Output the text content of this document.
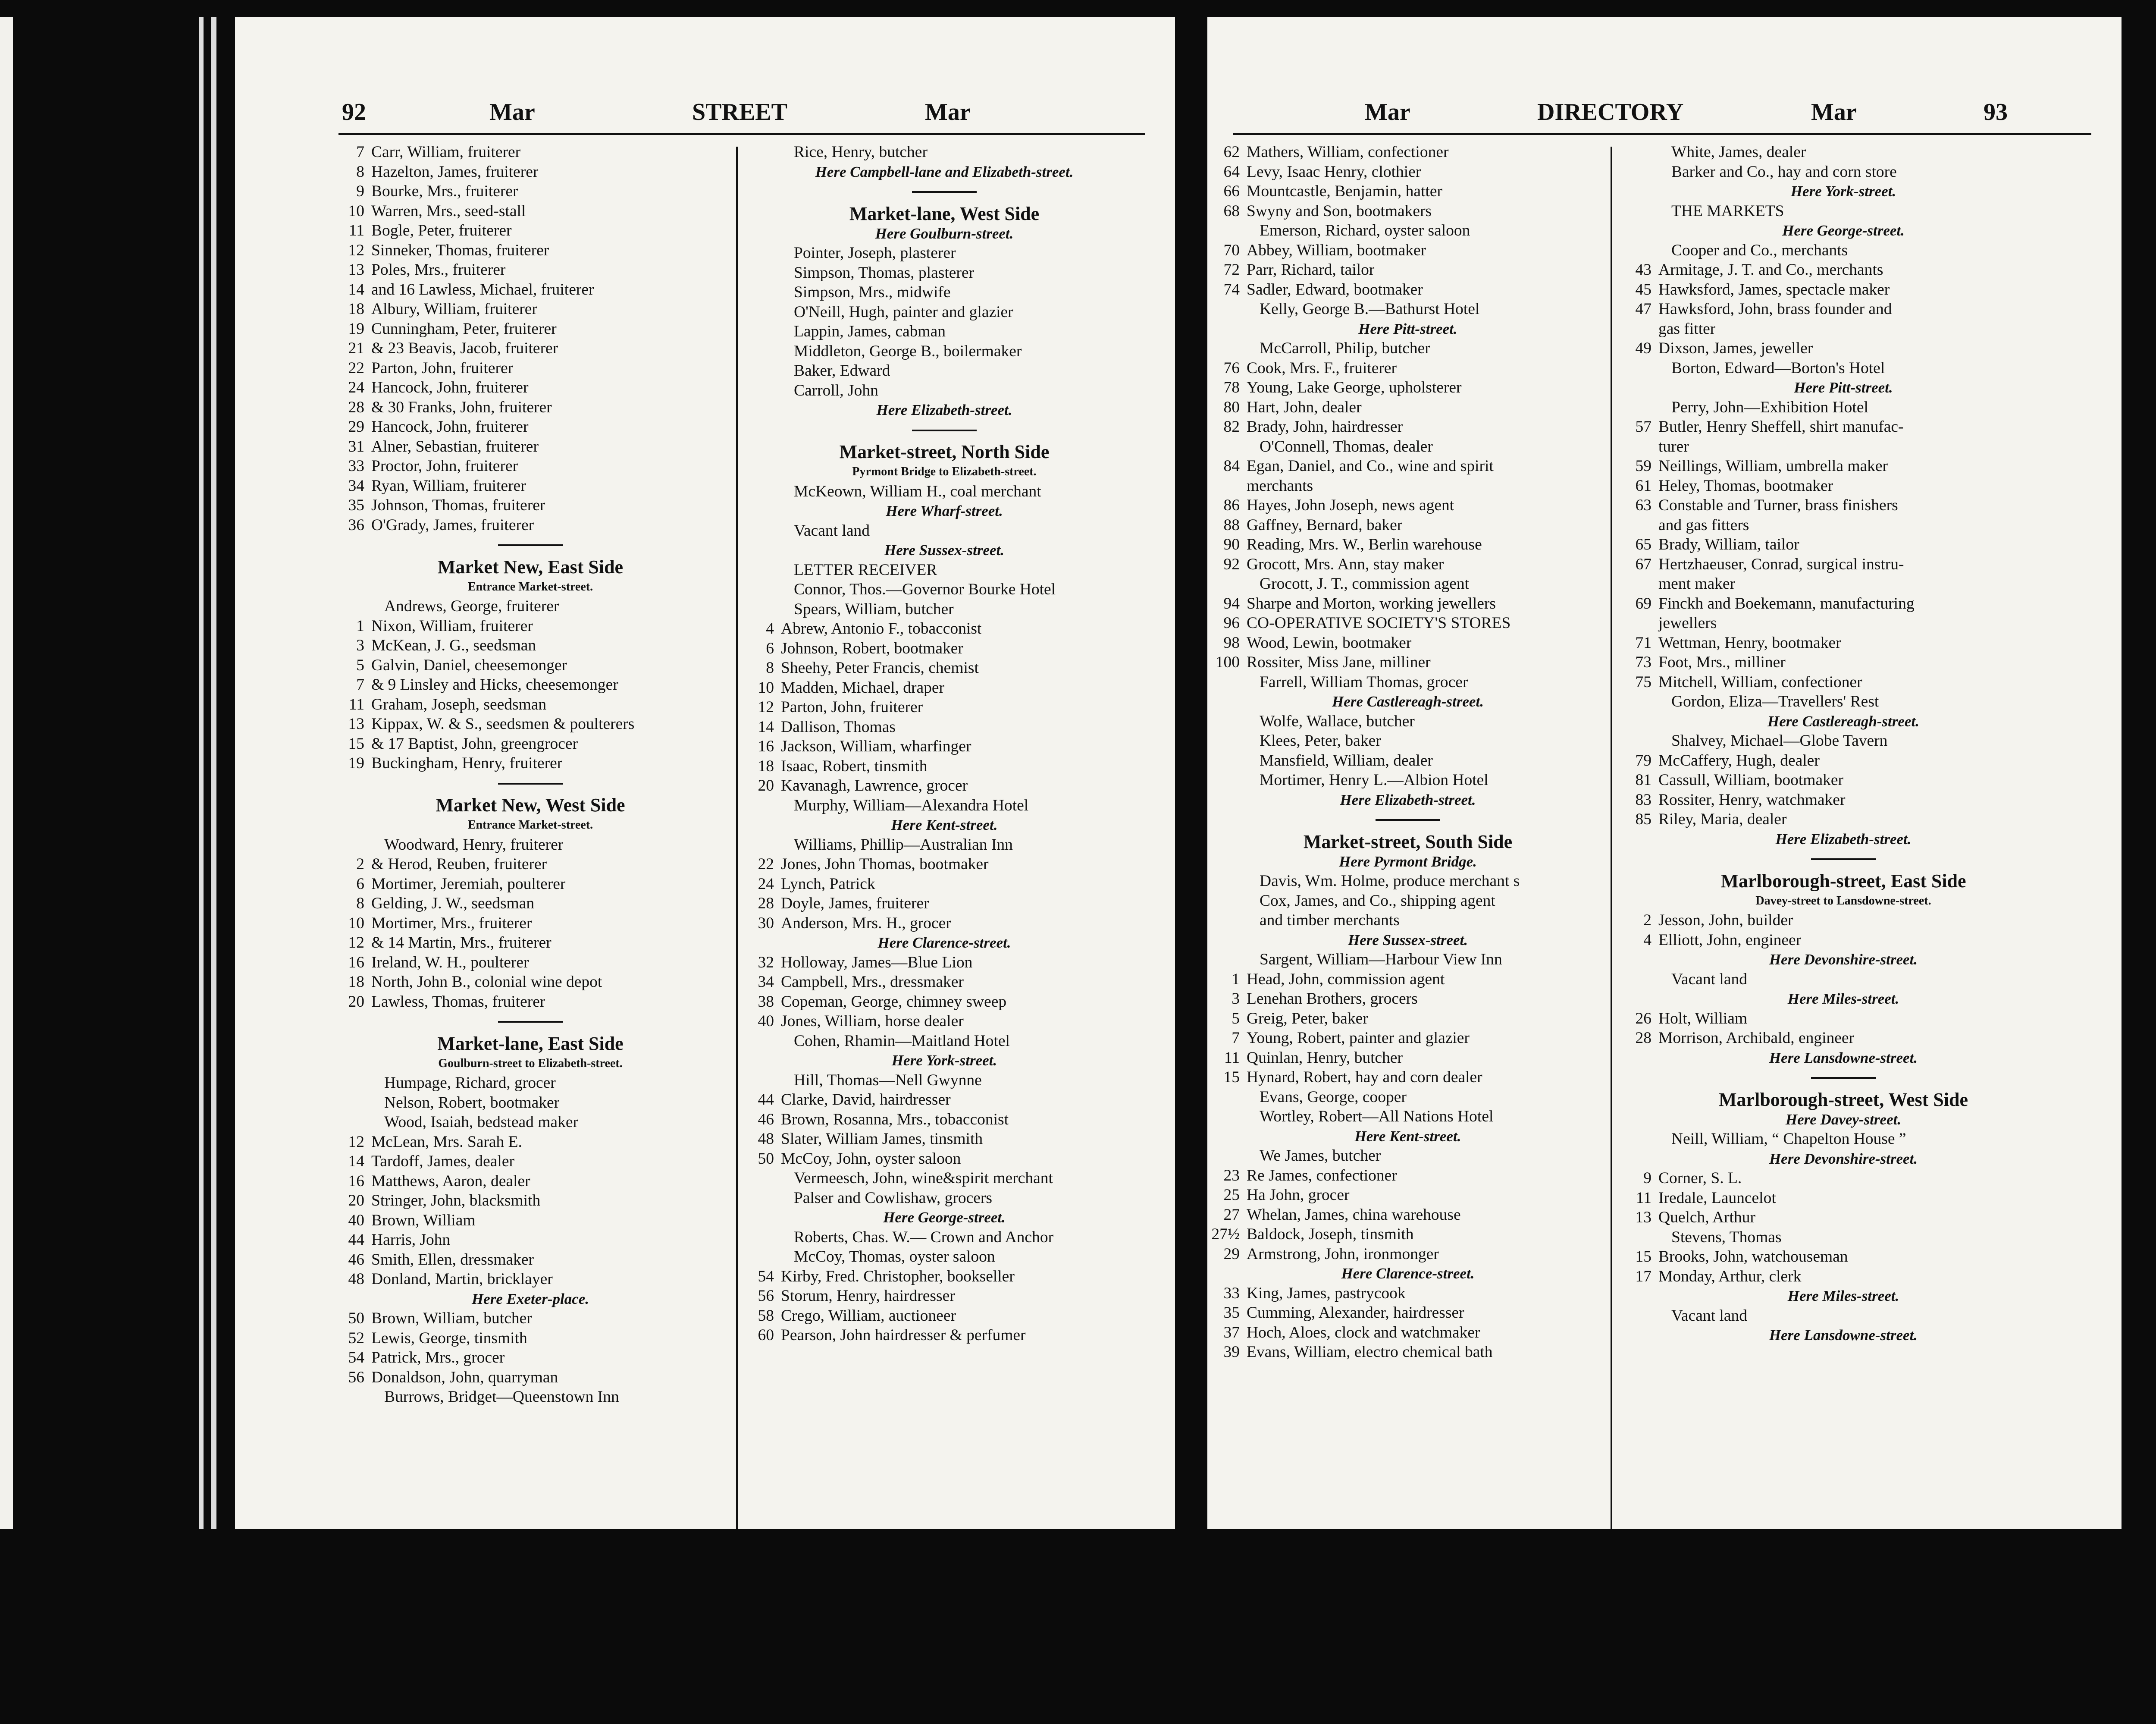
92	Mar	STREET	Mar
7 Carr, William, fruiterer
8 Hazelton, James, fruiterer
9 Bourke, Mrs., fruiterer
10 Warren, Mrs., seed-stall
11 Bogle, Peter, fruiterer
12 Sinneker, Thomas, fruiterer
13 Poles, Mrs., fruiterer
14 and 16 Lawless, Michael, fruiterer
18 Albury, William, fruiterer
19 Cunningham, Peter, fruiterer
21 & 23 Beavis, Jacob, fruiterer
22 Parton, John, fruiterer
24 Hancock, John, fruiterer
28 & 30 Franks, John, fruiterer
29 Hancock, John, fruiterer
31 Alner, Sebastian, fruiterer
33 Proctor, John, fruiterer
34 Ryan, William, fruiterer
35 Johnson, Thomas, fruiterer
36 O'Grady, James, fruiterer
Market New, East Side
Entrance Market-street.
Andrews, George, fruiterer
1 Nixon, William, fruiterer
3 McKean, J. G., seedsman
5 Galvin, Daniel, cheesemonger
7 & 9 Linsley and Hicks, cheesemonger
11 Graham, Joseph, seedsman
13 Kippax, W. & S., seedsmen & poulterers
15 & 17 Baptist, John, greengrocer
19 Buckingham, Henry, fruiterer
Market New, West Side
Entrance Market-street.
Woodward, Henry, fruiterer
2 & Herod, Reuben, fruiterer
6 Mortimer, Jeremiah, poulterer
8 Gelding, J. W., seedsman
10 Mortimer, Mrs., fruiterer
12 & 14 Martin, Mrs., fruiterer
16 Ireland, W. H., poulterer
18 North, John B., colonial wine depot
20 Lawless, Thomas, fruiterer
Market-lane, East Side
Goulburn-street to Elizabeth-street.
Humpage, Richard, grocer
Nelson, Robert, bootmaker
Wood, Isaiah, bedstead maker
12 McLean, Mrs. Sarah E.
14 Tardoff, James, dealer
16 Matthews, Aaron, dealer
20 Stringer, John, blacksmith
40 Brown, William
44 Harris, John
46 Smith, Ellen, dressmaker
48 Donland, Martin, bricklayer
Here Exeter-place.
50 Brown, William, butcher
52 Lewis, George, tinsmith
54 Patrick, Mrs., grocer
56 Donaldson, John, quarryman
Burrows, Bridget—Queenstown Inn
Rice, Henry, butcher
Here Campbell-lane and Elizabeth-street.
Market-lane, West Side
Here Goulburn-street.
Pointer, Joseph, plasterer
Simpson, Thomas, plasterer
Simpson, Mrs., midwife
O'Neill, Hugh, painter and glazier
Lappin, James, cabman
Middleton, George B., boilermaker
Baker, Edward
Carroll, John
Here Elizabeth-street.
Market-street, North Side
Pyrmont Bridge to Elizabeth-street.
McKeown, William H., coal merchant
Here Wharf-street.
Vacant land
Here Sussex-street.
LETTER RECEIVER
Connor, Thos.—Governor Bourke Hotel
Spears, William, butcher
4 Abrew, Antonio F., tobacconist
6 Johnson, Robert, bootmaker
8 Sheehy, Peter Francis, chemist
10 Madden, Michael, draper
12 Parton, John, fruiterer
14 Dallison, Thomas
16 Jackson, William, wharfinger
18 Isaac, Robert, tinsmith
20 Kavanagh, Lawrence, grocer
Murphy, William—Alexandra Hotel
Here Kent-street.
Williams, Phillip—Australian Inn
22 Jones, John Thomas, bootmaker
24 Lynch, Patrick
28 Doyle, James, fruiterer
30 Anderson, Mrs. H., grocer
Here Clarence-street.
32 Holloway, James—Blue Lion
34 Campbell, Mrs., dressmaker
38 Copeman, George, chimney sweep
40 Jones, William, horse dealer
Cohen, Rhamin—Maitland Hotel
Here York-street.
Hill, Thomas—Nell Gwynne
44 Clarke, David, hairdresser
46 Brown, Rosanna, Mrs., tobacconist
48 Slater, William James, tinsmith
50 McCoy, John, oyster saloon
Vermeesch, John, wine&spirit merchant
Palser and Cowlishaw, grocers
Here George-street.
Roberts, Chas. W.— Crown and Anchor
McCoy, Thomas, oyster saloon
54 Kirby, Fred. Christopher, bookseller
56 Storum, Henry, hairdresser
58 Crego, William, auctioneer
60 Pearson, John hairdresser & perfumer
Mar	DIRECTORY	Mar	93
62 Mathers, William, confectioner
64 Levy, Isaac Henry, clothier
66 Mountcastle, Benjamin, hatter
68 Swyny and Son, bootmakers
Emerson, Richard, oyster saloon
70 Abbey, William, bootmaker
72 Parr, Richard, tailor
74 Sadler, Edward, bootmaker
Kelly, George B.—Bathurst Hotel
Here Pitt-street.
McCarroll, Philip, butcher
76 Cook, Mrs. F., fruiterer
78 Young, Lake George, upholsterer
80 Hart, John, dealer
82 Brady, John, hairdresser
O'Connell, Thomas, dealer
84 Egan, Daniel, and Co., wine and spirit
merchants
86 Hayes, John Joseph, news agent
88 Gaffney, Bernard, baker
90 Reading, Mrs. W., Berlin warehouse
92 Grocott, Mrs. Ann, stay maker
Grocott, J. T., commission agent
94 Sharpe and Morton, working jewellers
96 CO-OPERATIVE SOCIETY'S STORES
98 Wood, Lewin, bootmaker
100 Rossiter, Miss Jane, milliner
Farrell, William Thomas, grocer
Here Castlereagh-street.
Wolfe, Wallace, butcher
Klees, Peter, baker
Mansfield, William, dealer
Mortimer, Henry L.—Albion Hotel
Here Elizabeth-street.
Market-street, South Side
Here Pyrmont Bridge.
Davis, Wm. Holme, produce merchant s
Cox, James, and Co., shipping agent
and timber merchants
Here Sussex-street.
Sargent, William—Harbour View Inn
1 Head, John, commission agent
3 Lenehan Brothers, grocers
5 Greig, Peter, baker
7 Young, Robert, painter and glazier
11 Quinlan, Henry, butcher
15 Hynard, Robert, hay and corn dealer
Evans, George, cooper
Wortley, Robert—All Nations Hotel
Here Kent-street.
We James, butcher
23 Re James, confectioner
25 Ha John, grocer
27 Whelan, James, china warehouse
27½ Baldock, Joseph, tinsmith
29 Armstrong, John, ironmonger
Here Clarence-street.
33 King, James, pastrycook
35 Cumming, Alexander, hairdresser
37 Hoch, Aloes, clock and watchmaker
39 Evans, William, electro chemical bath
White, James, dealer
Barker and Co., hay and corn store
Here York-street.
THE MARKETS
Here George-street.
Cooper and Co., merchants
43 Armitage, J. T. and Co., merchants
45 Hawksford, James, spectacle maker
47 Hawksford, John, brass founder and
gas fitter
49 Dixson, James, jeweller
Borton, Edward—Borton's Hotel
Here Pitt-street.
Perry, John—Exhibition Hotel
57 Butler, Henry Sheffell, shirt manufac-
turer
59 Neillings, William, umbrella maker
61 Heley, Thomas, bootmaker
63 Constable and Turner, brass finishers
and gas fitters
65 Brady, William, tailor
67 Hertzhaeuser, Conrad, surgical instru-
ment maker
69 Finckh and Boekemann, manufacturing
jewellers
71 Wettman, Henry, bootmaker
73 Foot, Mrs., milliner
75 Mitchell, William, confectioner
Gordon, Eliza—Travellers' Rest
Here Castlereagh-street.
Shalvey, Michael—Globe Tavern
79 McCaffery, Hugh, dealer
81 Cassull, William, bootmaker
83 Rossiter, Henry, watchmaker
85 Riley, Maria, dealer
Here Elizabeth-street.
Marlborough-street, East Side
Davey-street to Lansdowne-street.
2 Jesson, John, builder
4 Elliott, John, engineer
Here Devonshire-street.
Vacant land
Here Miles-street.
26 Holt, William
28 Morrison, Archibald, engineer
Here Lansdowne-street.
Marlborough-street, West Side
Here Davey-street.
Neill, William, “ Chapelton House ”
Here Devonshire-street.
9 Corner, S. L.
11 Iredale, Launcelot
13 Quelch, Arthur
Stevens, Thomas
15 Brooks, John, watchouseman
17 Monday, Arthur, clerk
Here Miles-street.
Vacant land
Here Lansdowne-street.
